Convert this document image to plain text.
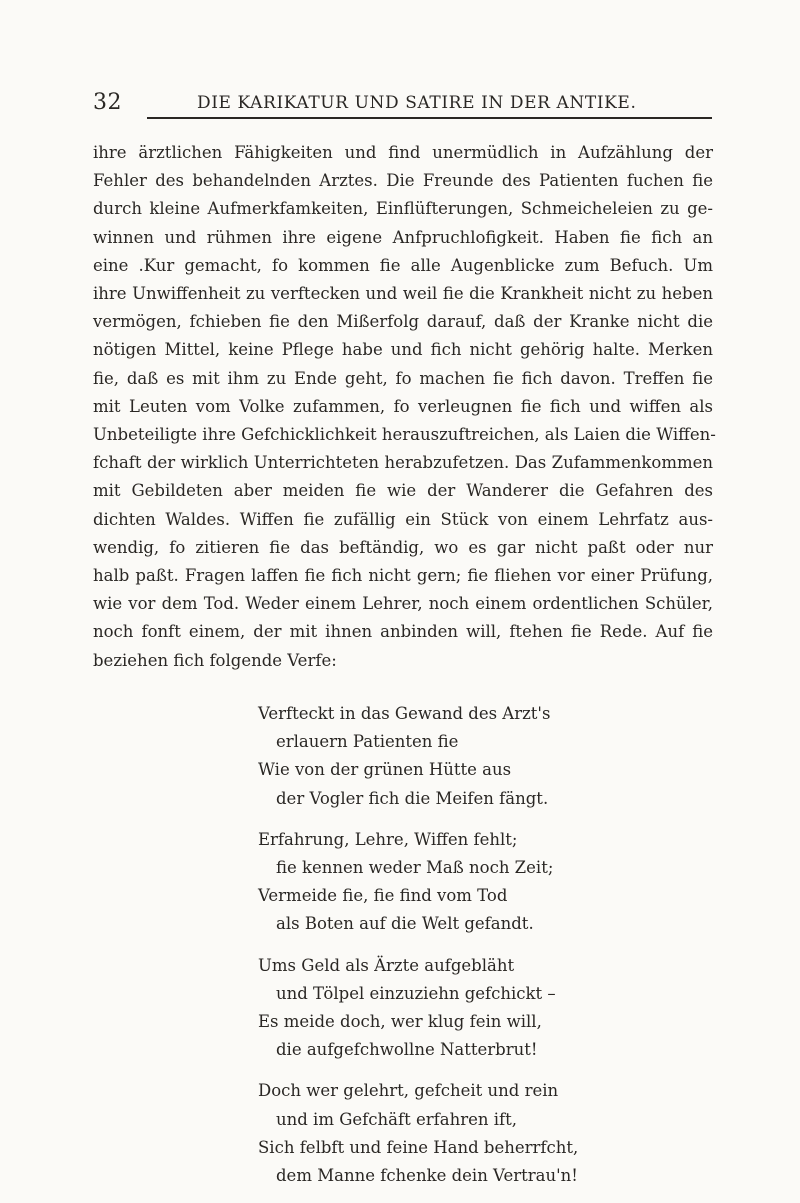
32	DIE KARIKATUR UND SATIRE IN DER ANTIKE.
ihre ärztlichen Fähigkeiten und find unermüdlich in Aufzählung der
Fehler des behandelnden Arztes. Die Freunde des Patienten fuchen fie
durch kleine Aufmerkfamkeiten, Einflüfterungen, Schmeicheleien zu ge-
winnen und rühmen ihre eigene Anfpruchlofigkeit. Haben fie fich an
eine .Kur gemacht, fo kommen fie alle Augenblicke zum Befuch. Um
ihre Unwiffenheit zu verftecken und weil fie die Krankheit nicht zu heben
vermögen, fchieben fie den Mißerfolg darauf, daß der Kranke nicht die
nötigen Mittel, keine Pflege habe und fich nicht gehörig halte. Merken
fie, daß es mit ihm zu Ende geht, fo machen fie fich davon. Treffen fie
mit Leuten vom Volke zufammen, fo verleugnen fie fich und wiffen als
Unbeteiligte ihre Gefchicklichkeit herauszuftreichen, als Laien die Wiffen-
fchaft der wirklich Unterrichteten herabzufetzen. Das Zufammenkommen
mit Gebildeten aber meiden fie wie der Wanderer die Gefahren des
dichten Waldes. Wiffen fie zufällig ein Stück von einem Lehrfatz aus-
wendig, fo zitieren fie das beftändig, wo es gar nicht paßt oder nur
halb paßt. Fragen laffen fie fich nicht gern; fie fliehen vor einer Prüfung,
wie vor dem Tod. Weder einem Lehrer, noch einem ordentlichen Schüler,
noch fonft einem, der mit ihnen anbinden will, ftehen fie Rede. Auf fie
beziehen fich folgende Verfe:
Verfteckt in das Gewand des Arzt's
erlauern Patienten fie
Wie von der grünen Hütte aus
der Vogler fich die Meifen fängt.
Erfahrung, Lehre, Wiffen fehlt;
fie kennen weder Maß noch Zeit;
Vermeide fie, fie find vom Tod
als Boten auf die Welt gefandt.
Ums Geld als Ärzte aufgebläht
und Tölpel einzuziehn gefchickt –
Es meide doch, wer klug fein will,
die aufgefchwollne Natterbrut!
Doch wer gelehrt, gefcheit und rein
und im Gefchäft erfahren ift,
Sich felbft und feine Hand beherrfcht,
dem Manne fchenke dein Vertrau'n!
